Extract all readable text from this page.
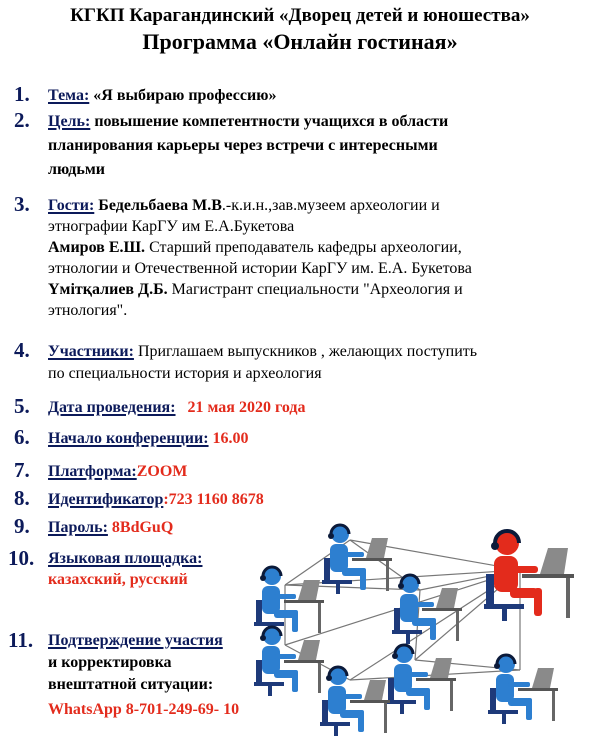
КГКП Карагандинский «Дворец детей и юношества»
Программа «Онлайн гостиная»
1. Тема: «Я выбираю профессию»
2. Цель: повышение компетентности учащихся в области
планирования карьеры через встречи с интересными
людьми
3. Гости: Бедельбаева М.В.-к.и.н.,зав.музеем археологии и
этнографии КарГУ им Е.А.Букетова
Амиров Е.Ш. Старший преподаватель кафедры археологии,
этнологии и Отечественной истории КарГУ им. Е.А. Букетова
Үмітқалиев Д.Б. Магистрант специальности "Археология и
этнология".
4. Участники: Приглашаем выпускников , желающих поступить
по специальности история и археология
5. Дата проведения: 21 мая 2020 года
6. Начало конференции: 16.00
7. Платформа:ZOOM
8. Идентификатор:723 1160 8678
9. Пароль: 8BdGuQ
10. Языковая площадка:
казахский, русский
11. Подтверждение участия
и корректировка
внештатной ситуации:
WhatsApp 8-701-249-69- 10
